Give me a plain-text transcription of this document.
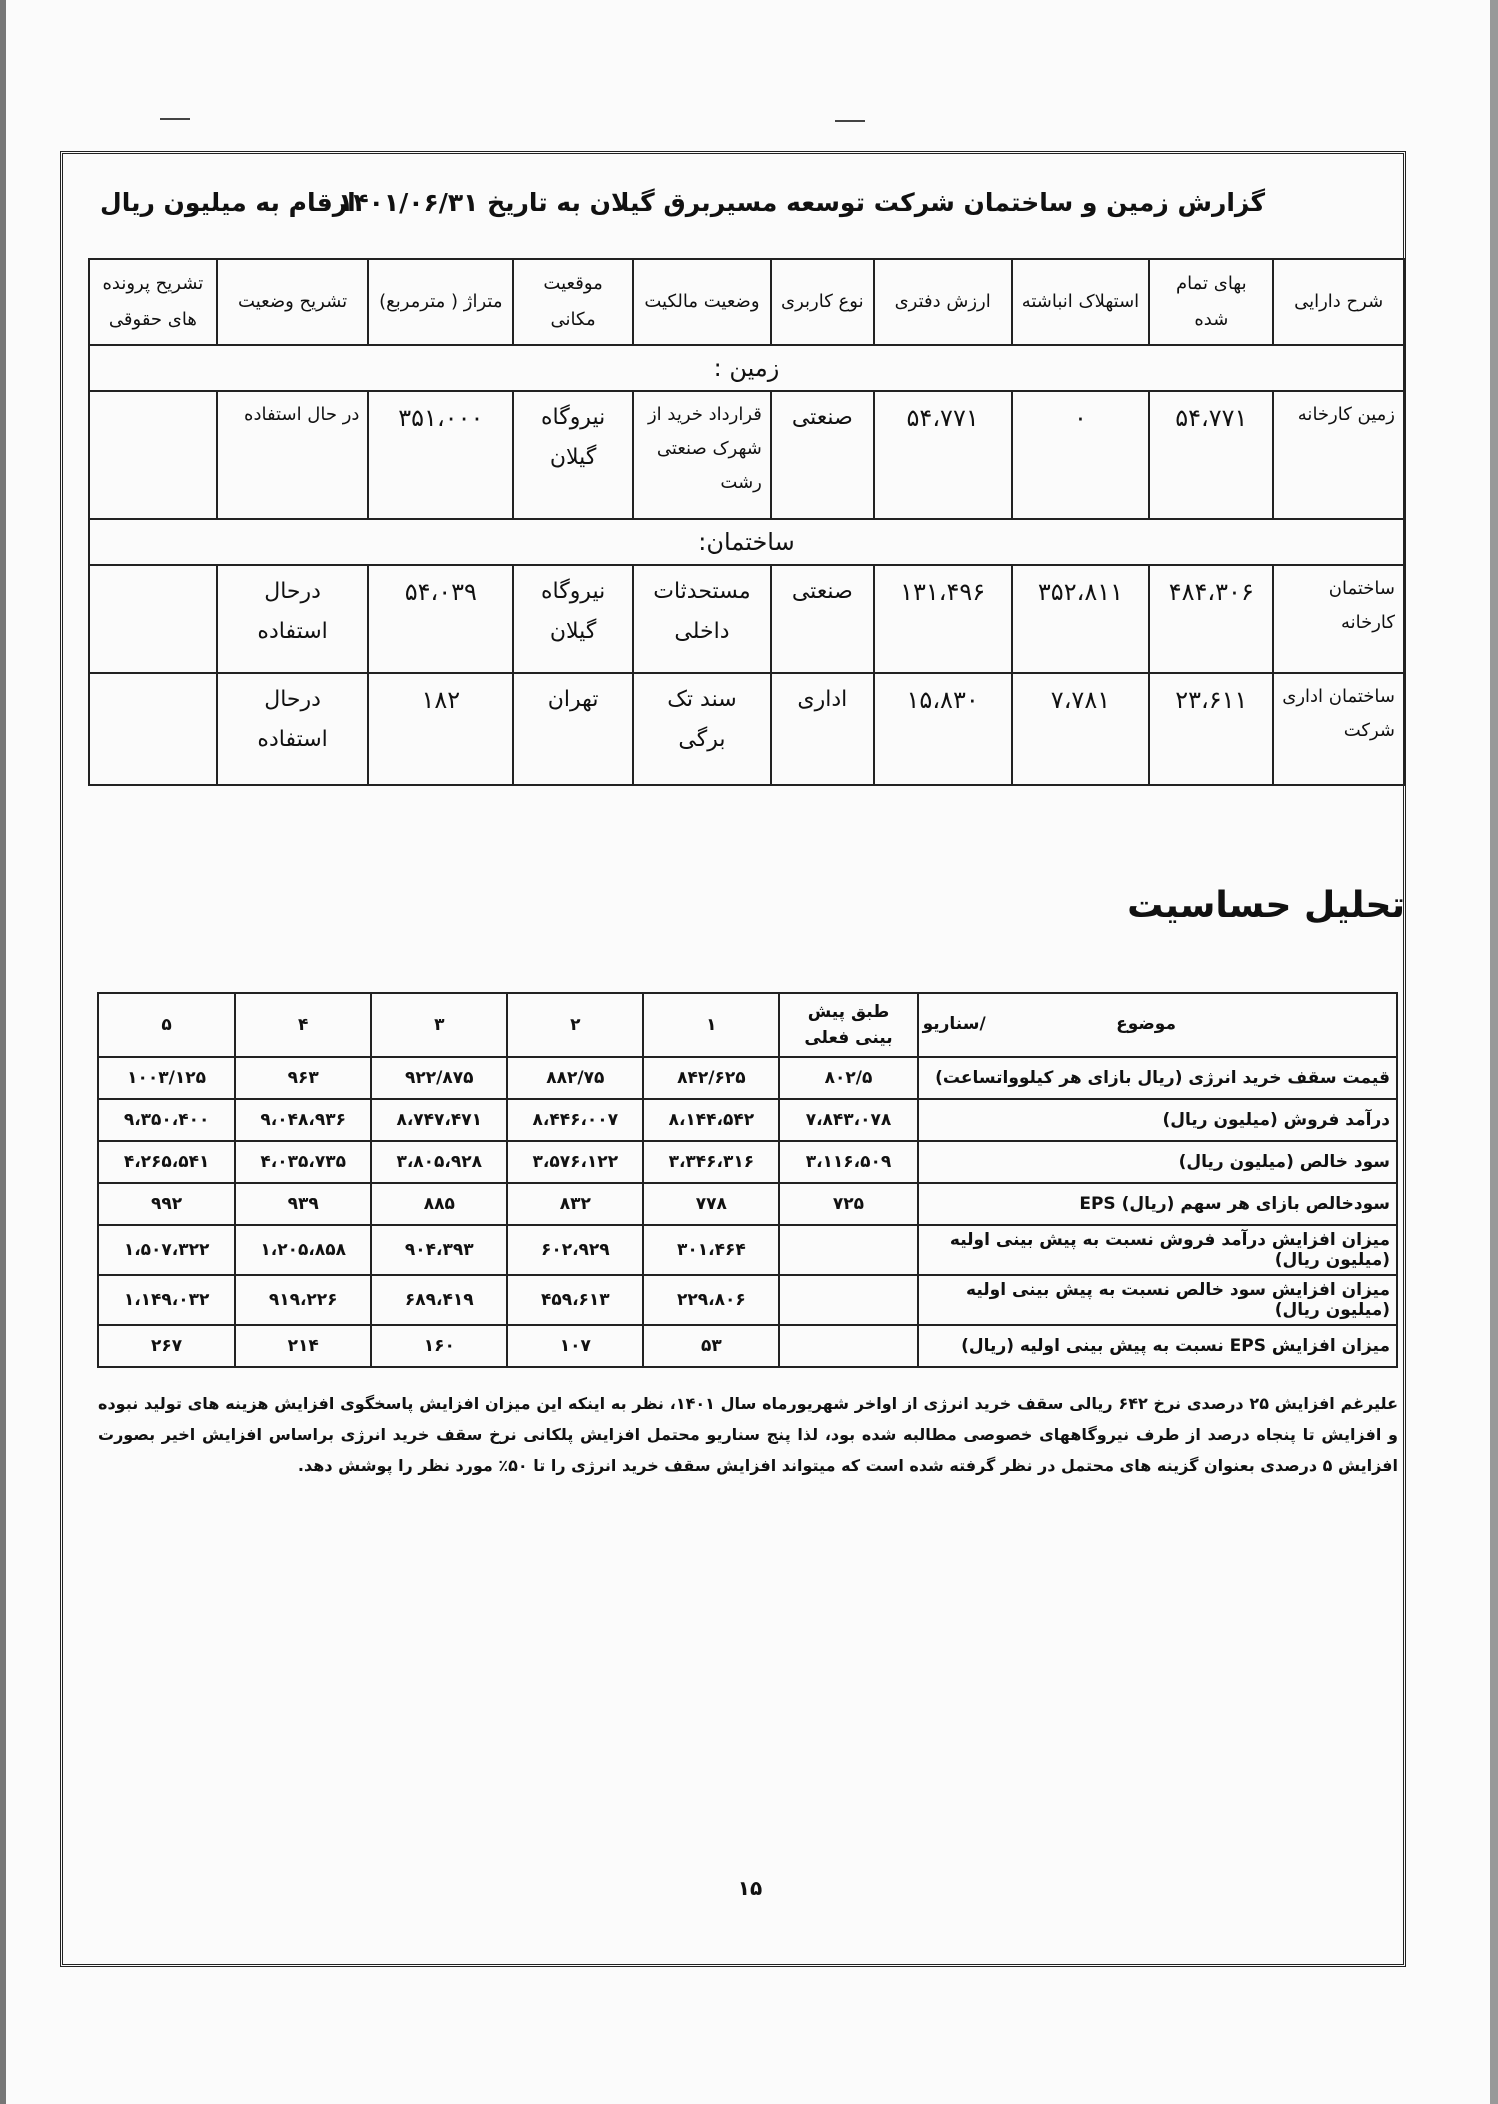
گزارش زمین و ساختمان شرکت توسعه مسیربرق گیلان به تاریخ ۱۴۰۱/۰۶/۳۱
ارقام به میلیون ریال
شرح دارایی	بهای تمام شده	استهلاک انباشته	ارزش دفتری	نوع کاربری	وضعیت مالکیت	موقعیت مکانی	متراژ ( مترمربع)	تشریح وضعیت	تشریح پرونده های حقوقی
زمین :									
زمین کارخانه	۵۴،۷۷۱	۰	۵۴،۷۷۱	صنعتی	قرارداد خرید از شهرک صنعتی رشت	نیروگاه گیلان	۳۵۱،۰۰۰	در حال استفاده	
ساختمان:									
ساختمان کارخانه	۴۸۴،۳۰۶	۳۵۲،۸۱۱	۱۳۱،۴۹۶	صنعتی	مستحدثات داخلی	نیروگاه گیلان	۵۴،۰۳۹	درحال استفاده	
ساختمان اداری شرکت	۲۳،۶۱۱	۷،۷۸۱	۱۵،۸۳۰	اداری	سند تک برگی	تهران	۱۸۲	درحال استفاده	
تحلیل حساسیت
موضوع
/سناریو	طبق پیش بینی فعلی	۱	۲	۳	۴	۵
قیمت سقف خرید انرژی (ریال بازای هر کیلوواتساعت)	۸۰۲/۵	۸۴۲/۶۲۵	۸۸۲/۷۵	۹۲۲/۸۷۵	۹۶۳	۱۰۰۳/۱۲۵
درآمد فروش (میلیون ریال)	۷،۸۴۳،۰۷۸	۸،۱۴۴،۵۴۲	۸،۴۴۶،۰۰۷	۸،۷۴۷،۴۷۱	۹،۰۴۸،۹۳۶	۹،۳۵۰،۴۰۰
سود خالص (میلیون ریال)	۳،۱۱۶،۵۰۹	۳،۳۴۶،۳۱۶	۳،۵۷۶،۱۲۲	۳،۸۰۵،۹۲۸	۴،۰۳۵،۷۳۵	۴،۲۶۵،۵۴۱
سودخالص بازای هر سهم (ریال) EPS	۷۲۵	۷۷۸	۸۳۲	۸۸۵	۹۳۹	۹۹۲
میزان افزایش درآمد فروش نسبت به پیش بینی اولیه (میلیون ریال)		۳۰۱،۴۶۴	۶۰۲،۹۲۹	۹۰۴،۳۹۳	۱،۲۰۵،۸۵۸	۱،۵۰۷،۳۲۲
میزان افزایش سود خالص نسبت به پیش بینی اولیه (میلیون ریال)		۲۲۹،۸۰۶	۴۵۹،۶۱۳	۶۸۹،۴۱۹	۹۱۹،۲۲۶	۱،۱۴۹،۰۳۲
میزان افزایش EPS نسبت به پیش بینی اولیه (ریال)		۵۳	۱۰۷	۱۶۰	۲۱۴	۲۶۷
علیرغم افزایش ۲۵ درصدی نرخ ۶۴۲ ریالی سقف خرید انرژی از اواخر شهریورماه سال ۱۴۰۱، نظر به اینکه این میزان افزایش پاسخگوی افزایش هزینه های تولید نبوده و افزایش تا پنجاه درصد از طرف نیروگاههای خصوصی مطالبه شده بود، لذا پنج سناریو محتمل افزایش پلکانی نرخ سقف خرید انرژی براساس افزایش اخیر بصورت افزایش ۵ درصدی بعنوان گزینه های محتمل در نظر گرفته شده است که میتواند افزایش سقف خرید انرژی را تا ۵۰٪ مورد نظر را پوشش دهد.
۱۵
